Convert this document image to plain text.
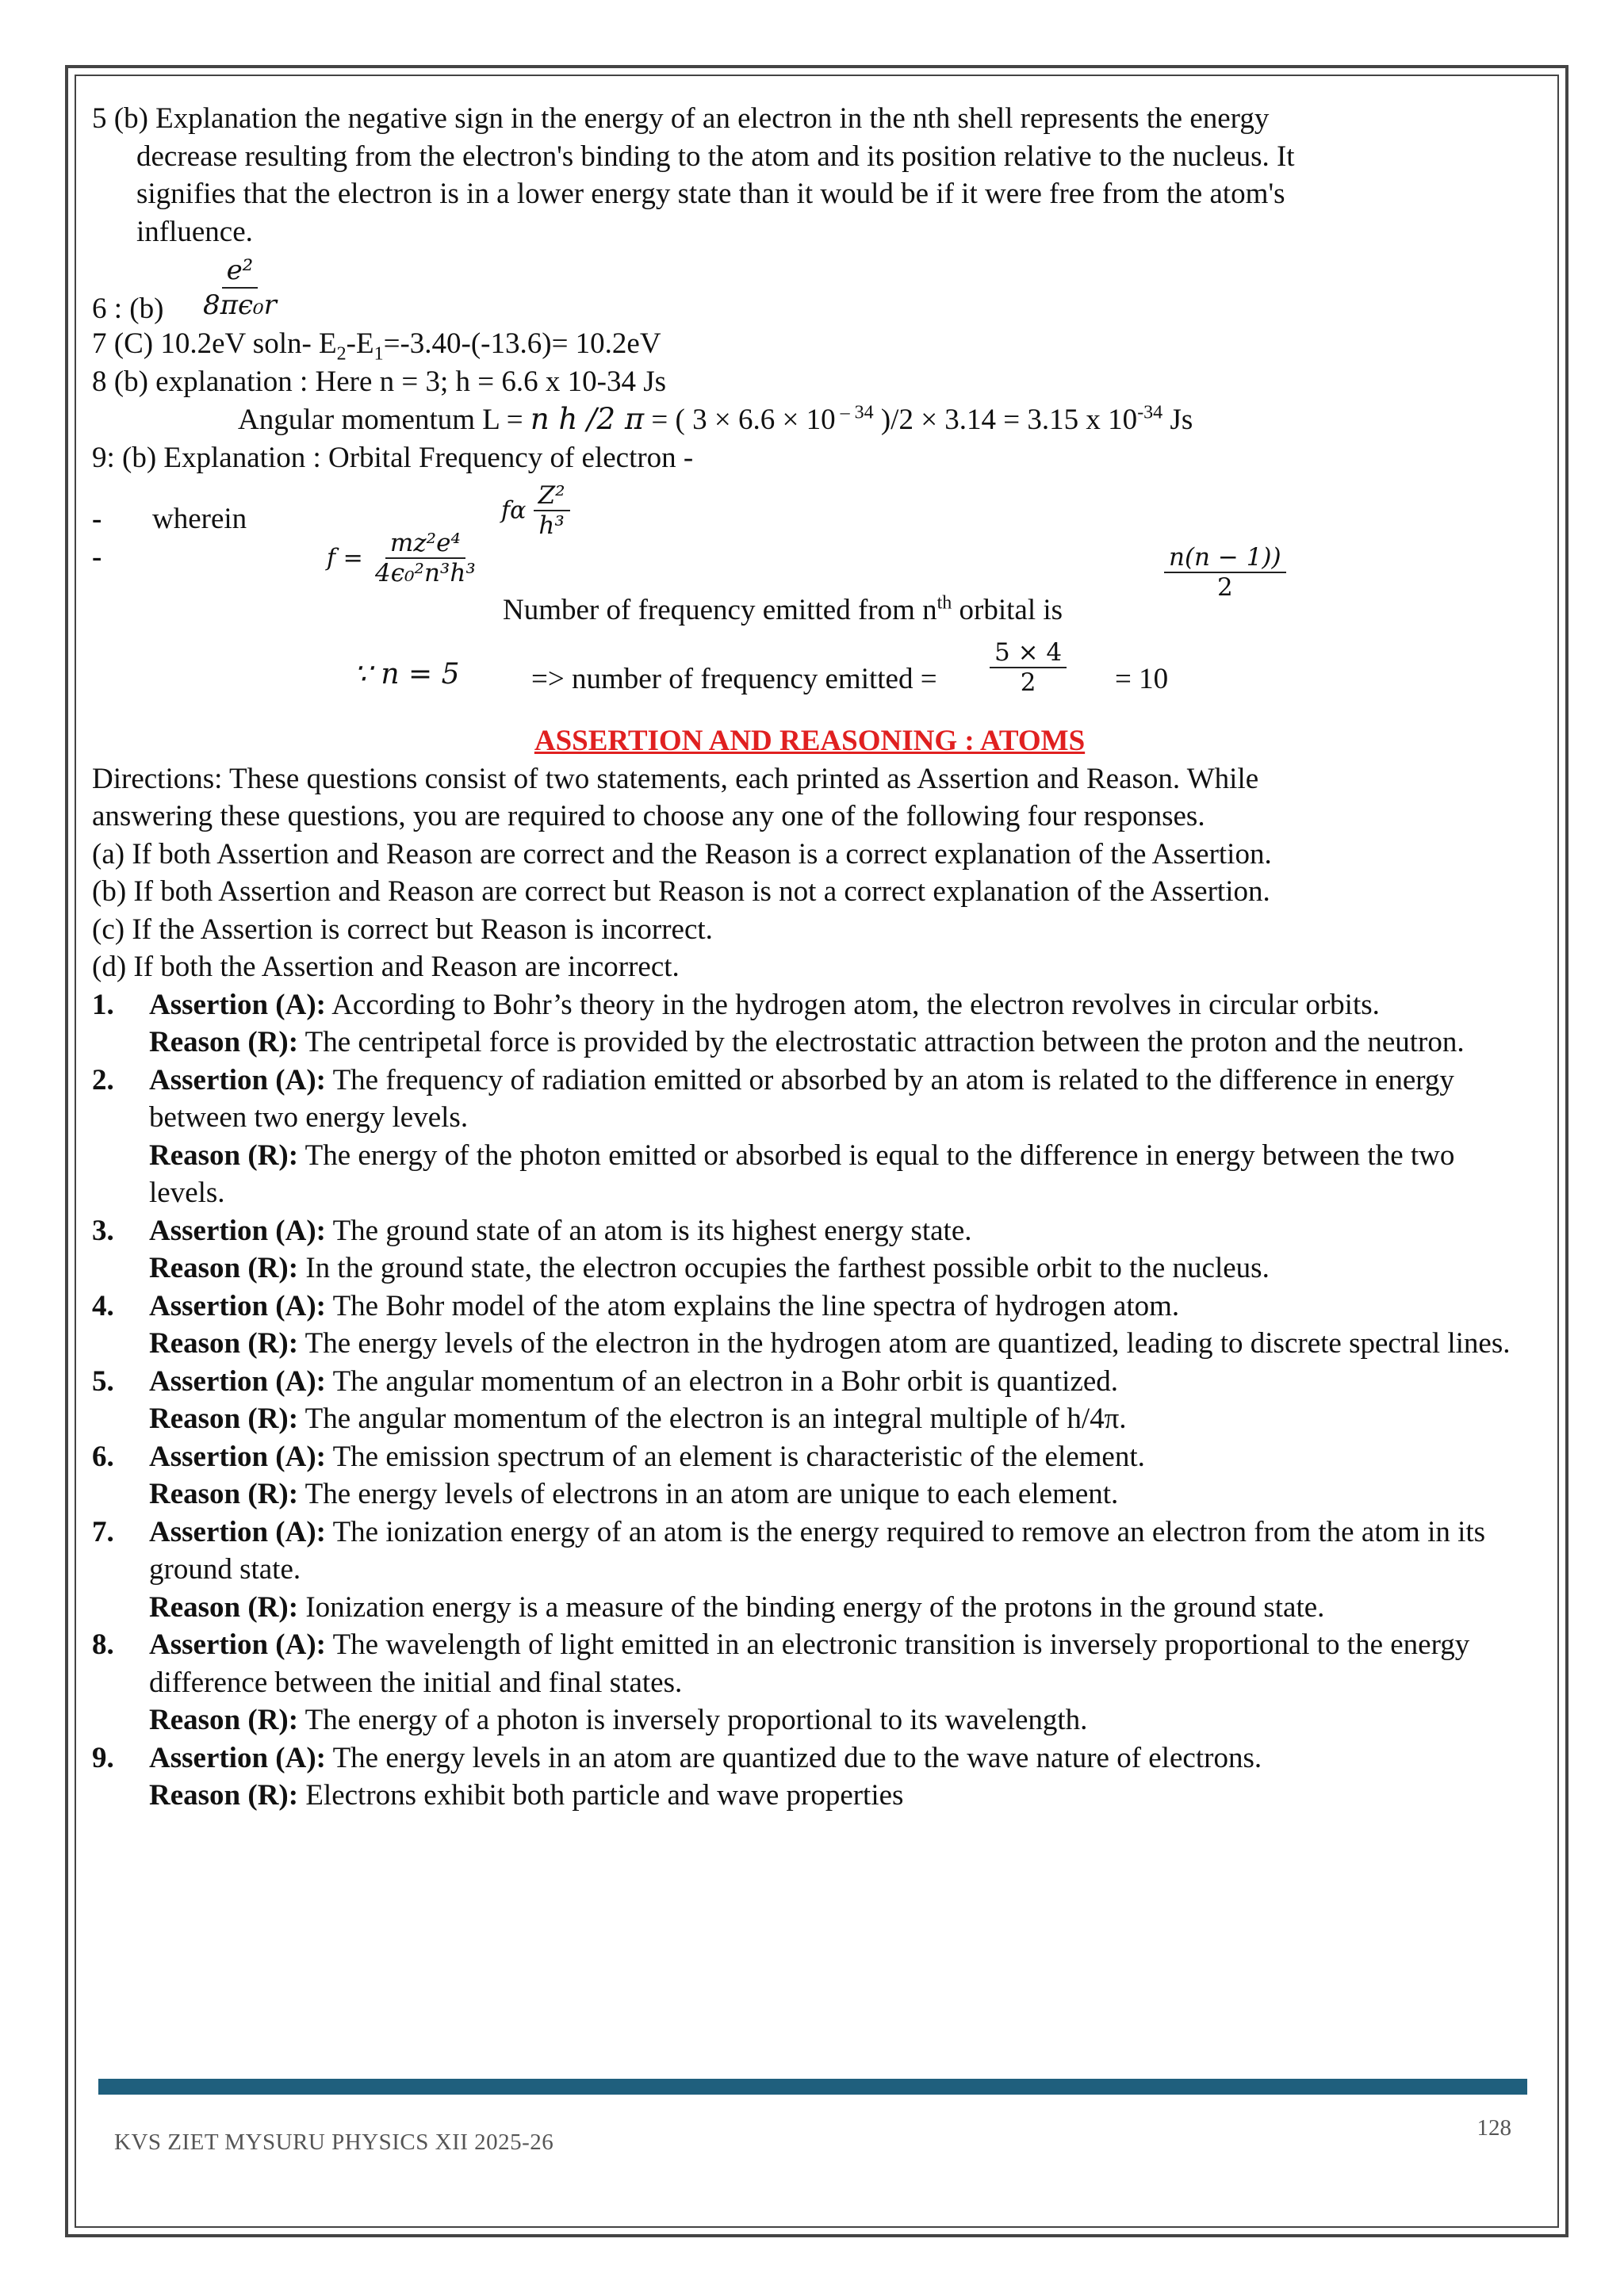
5 (b) Explanation the negative sign in the energy of an electron in the nth shell represents the energy
decrease resulting from the electron's binding to the atom and its position relative to the nucleus. It
signifies that the electron is in a lower energy state than it would be if it were free from the atom's
influence.
6 : $(b) \frac{\text{e²}}{\text{8πϵ₀r}}$
7 (C) 10.2eV soln- $E_2-E_1=-3.40-(-13.6)= 10.2eV$
8 (b) explanation : Here n = 3; h = 6.6 x 10-34 Js
Angular momentum L = n h /2 π = ( 3 × 6.6 × 10 $^{- 34}$ )/2 × 3.14 = 3.15 x $10^{-34}$ Js
9: (b) Explanation : Orbital Frequency of electron -
fα $\frac{\text{Z²}}{\text{h³}}$
- wherein
-	$f = \frac{\text{mz²e⁴}}{\text{4ϵ₀²n³h³}}$	$\frac{n(n - 1))}{2}$
Number of frequency emitted from $n^{th}$ orbital is
∵ n = 5 => number of frequency emitted = $\frac{5 \times 4}{2} = 10$
ASSERTION AND REASONING : ATOMS
Directions: These questions consist of two statements, each printed as Assertion and Reason. While
answering these questions, you are required to choose any one of the following four responses.
(a) If both Assertion and Reason are correct and the Reason is a correct explanation of the Assertion.
(b) If both Assertion and Reason are correct but Reason is not a correct explanation of the Assertion.
(c) If the Assertion is correct but Reason is incorrect.
(d) If both the Assertion and Reason are incorrect.
1. Assertion (A): According to Bohr’s theory in the hydrogen atom, the electron revolves in circular orbits.
Reason (R): The centripetal force is provided by the electrostatic attraction between the proton and the neutron.
2. Assertion (A): The frequency of radiation emitted or absorbed by an atom is related to the difference in energy between two energy levels.
Reason (R): The energy of the photon emitted or absorbed is equal to the difference in energy between the two levels.
3. Assertion (A): The ground state of an atom is its highest energy state.
Reason (R): In the ground state, the electron occupies the farthest possible orbit to the nucleus.
4. Assertion (A): The Bohr model of the atom explains the line spectra of hydrogen atom.
Reason (R): The energy levels of the electron in the hydrogen atom are quantized, leading to discrete spectral lines.
5. Assertion (A): The angular momentum of an electron in a Bohr orbit is quantized.
Reason (R): The angular momentum of the electron is an integral multiple of h/4π.
6. Assertion (A): The emission spectrum of an element is characteristic of the element.
Reason (R): The energy levels of electrons in an atom are unique to each element.
7. Assertion (A): The ionization energy of an atom is the energy required to remove an electron from the atom in its ground state.
Reason (R): Ionization energy is a measure of the binding energy of the protons in the ground state.
8. Assertion (A): The wavelength of light emitted in an electronic transition is inversely proportional to the energy difference between the initial and final states.
Reason (R): The energy of a photon is inversely proportional to its wavelength.
9. Assertion (A): The energy levels in an atom are quantized due to the wave nature of electrons.
Reason (R): Electrons exhibit both particle and wave properties
KVS ZIET MYSURU PHYSICS XII 2025-26
128
